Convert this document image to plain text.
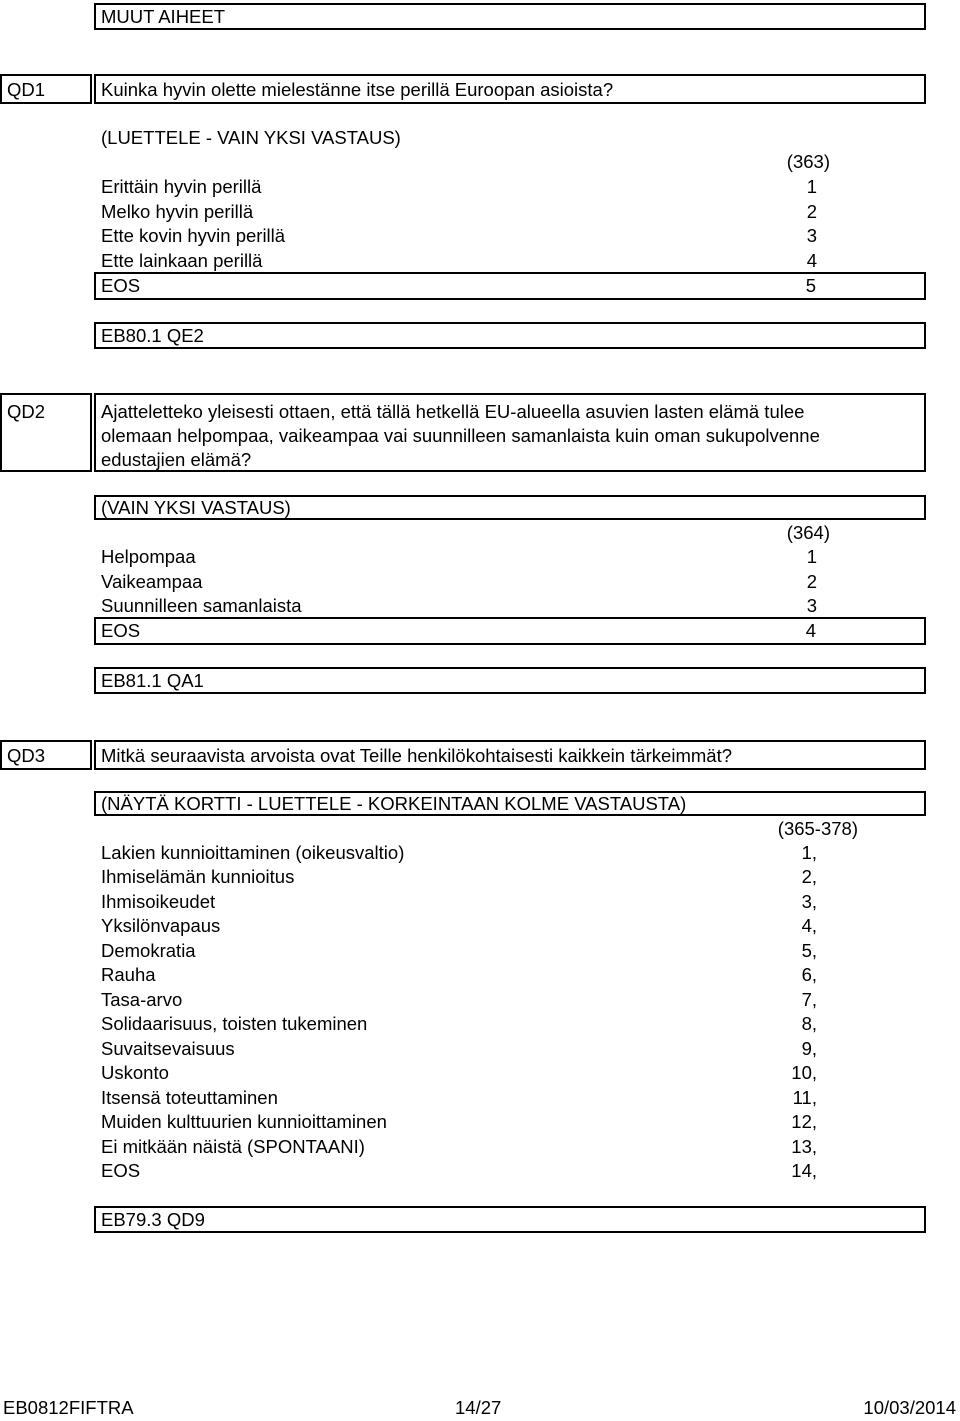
MUUT AIHEET
QD1	Kuinka hyvin olette mielestänne itse perillä Euroopan asioista?
(LUETTELE - VAIN YKSI VASTAUS)
(363)
Erittäin hyvin perillä	1
Melko hyvin perillä	2
Ette kovin hyvin perillä	3
Ette lainkaan perillä	4
EOS	5
EB80.1 QE2
QD2	Ajatteletteko yleisesti ottaen, että tällä hetkellä EU-alueella asuvien lasten elämä tulee
olemaan helpompaa, vaikeampaa vai suunnilleen samanlaista kuin oman sukupolvenne
edustajien elämä?
(VAIN YKSI VASTAUS)
(364)
Helpompaa	1
Vaikeampaa	2
Suunnilleen samanlaista	3
EOS	4
EB81.1 QA1
QD3	Mitkä seuraavista arvoista ovat Teille henkilökohtaisesti kaikkein tärkeimmät?
(NÄYTÄ KORTTI - LUETTELE - KORKEINTAAN KOLME VASTAUSTA)
(365-378)
Lakien kunnioittaminen (oikeusvaltio)	1,
Ihmiselämän kunnioitus	2,
Ihmisoikeudet	3,
Yksilönvapaus	4,
Demokratia	5,
Rauha	6,
Tasa-arvo	7,
Solidaarisuus, toisten tukeminen	8,
Suvaitsevaisuus	9,
Uskonto	10,
Itsensä toteuttaminen	11,
Muiden kulttuurien kunnioittaminen	12,
Ei mitkään näistä (SPONTAANI)	13,
EOS	14,
EB79.3 QD9
EB0812FIFTRA	14/27	10/03/2014
